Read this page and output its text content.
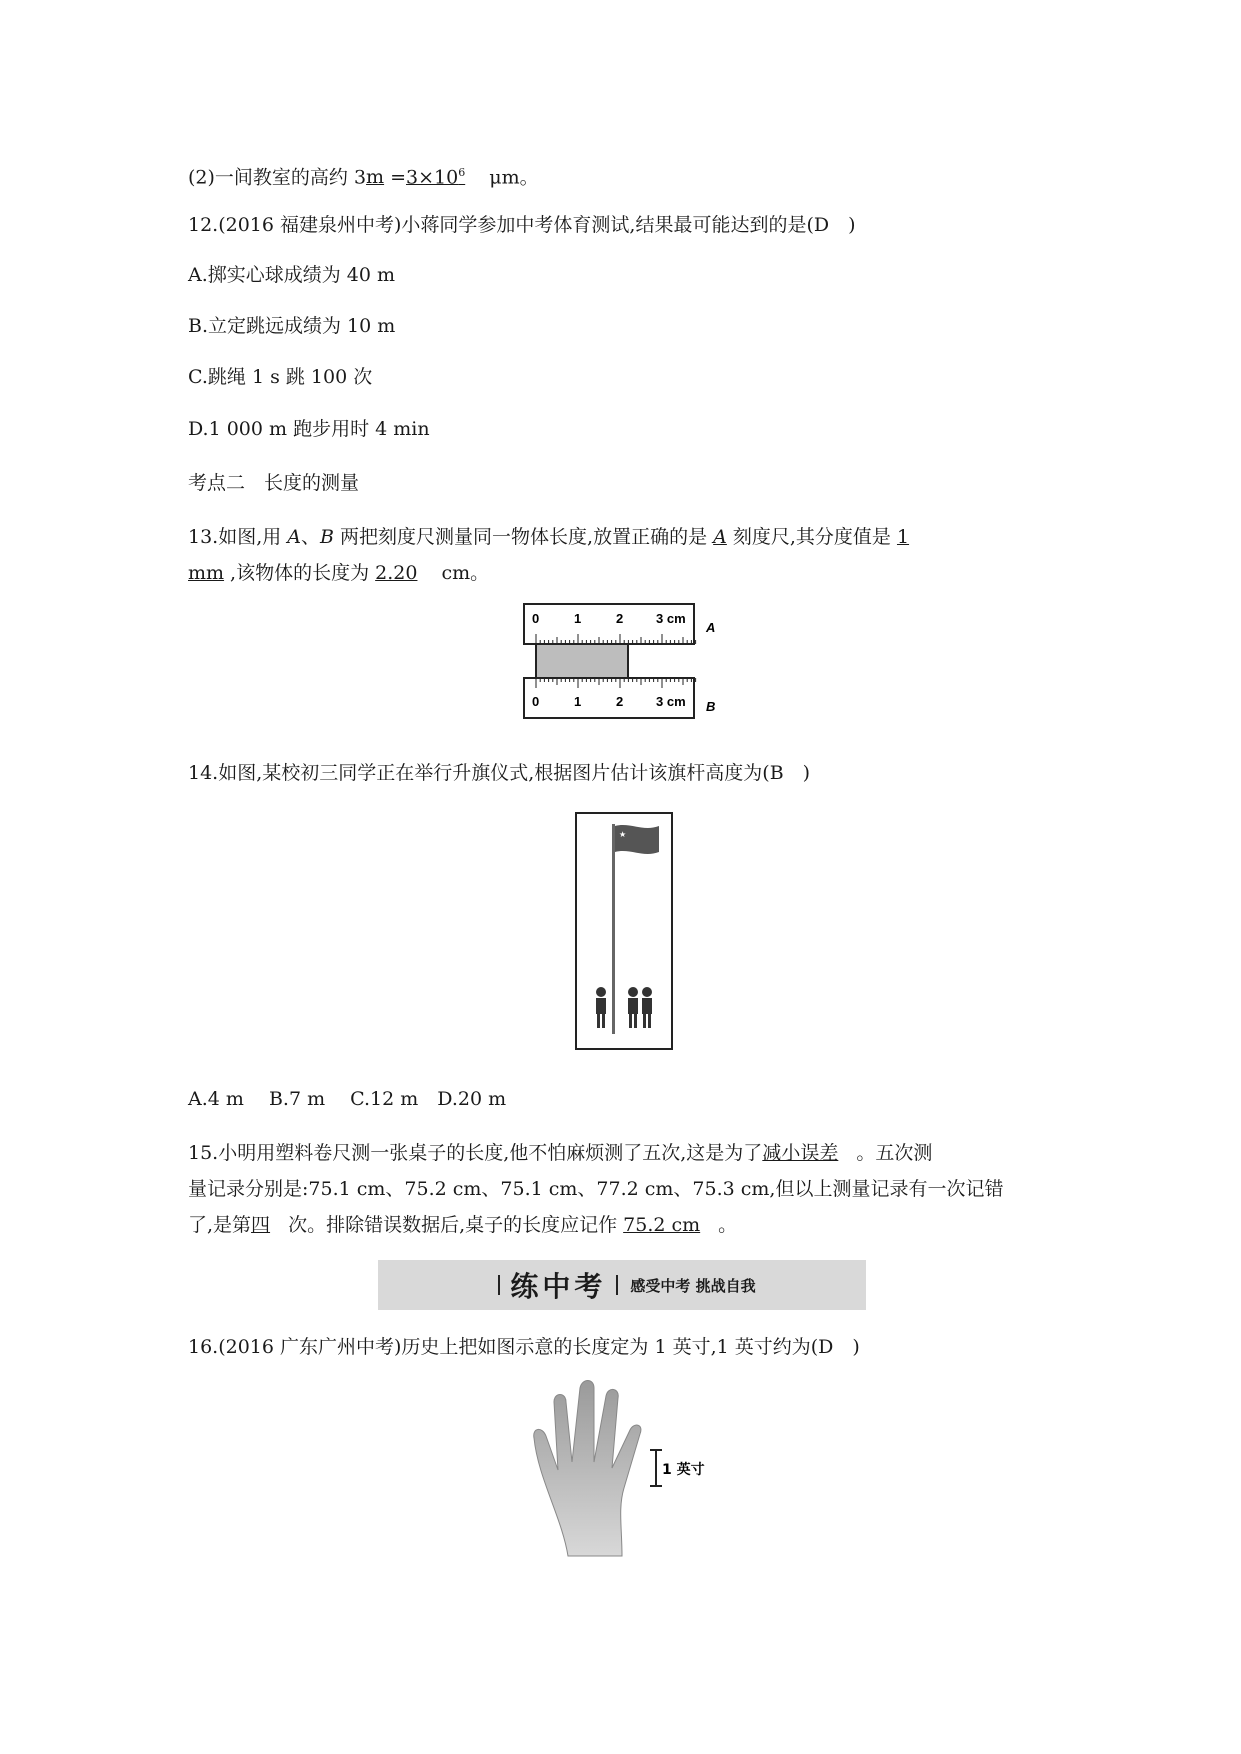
(2)一间教室的高约 $3m =3\times 10^6$ μm。
12.(2016 福建泉州中考)小蒋同学参加中考体育测试,结果最可能达到的是(D　)
A.掷实心球成绩为 40 m
B.立定跳远成绩为 10 m
C.跳绳 1 s 跳 100 次
D.1 000 m 跑步用时 4 min
考点二　长度的测量
13.如图,用 A、B 两把刻度尺测量同一物体长度,放置正确的是 A 刻度尺,其分度值是 1
mm ,该物体的长度为 2.20 cm。
0	1	2	3 cm
A
0	1	2	3 cm B
14.如图,某校初三同学正在举行升旗仪式,根据图片估计该旗杆高度为(B　)
★
A.4 m　 B.7 m　 C.12 m　D.20 m
15.小明用塑料卷尺测一张桌子的长度,他不怕麻烦测了五次,这是为了减小误差 。五次测
量记录分别是:75.1 cm、75.2 cm、75.1 cm、77.2 cm、75.3 cm,但以上测量记录有一次记错
了,是第四 次。排除错误数据后,桌子的长度应记作 75.2 cm 。
练中考 感受中考 挑战自我
16.(2016 广东广州中考)历史上把如图示意的长度定为 1 英寸,1 英寸约为(D　)
1 英寸
